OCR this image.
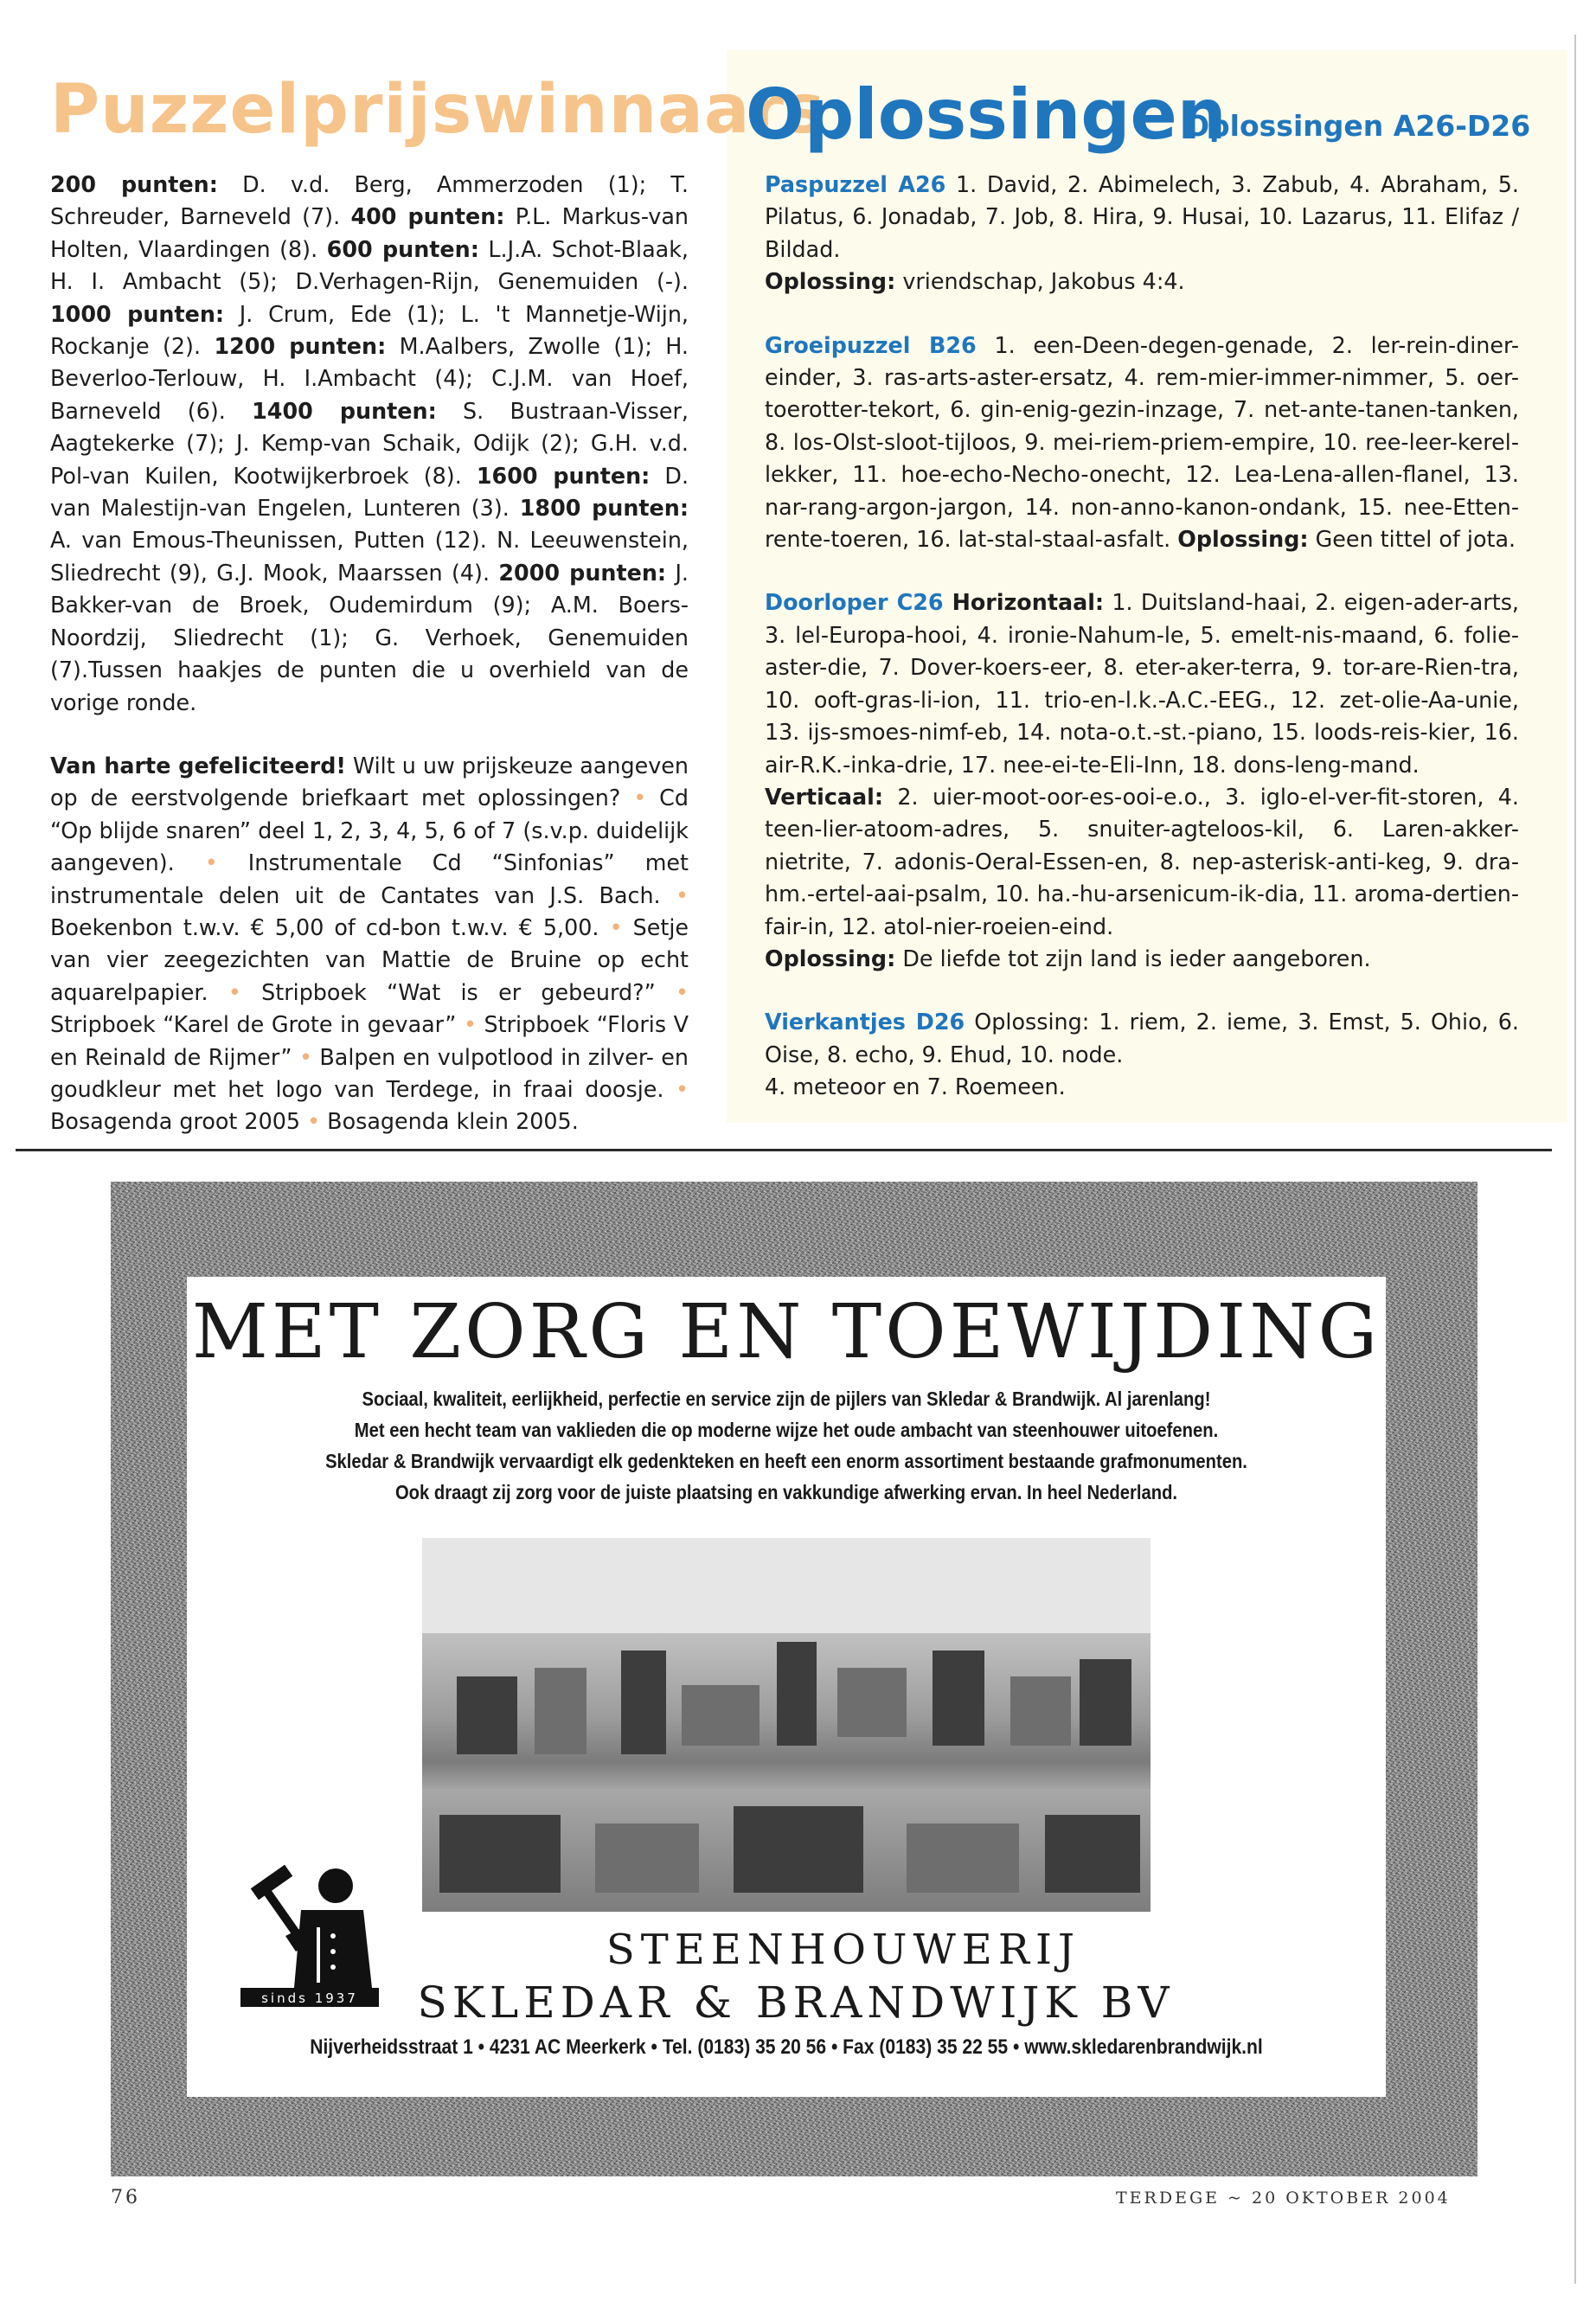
Puzzelprijswinnaars
Oplossingen
Oplossingen A26-D26

200 punten: D. v.d. Berg, Ammerzoden (1); T. Schreuder, Barneveld (7). 400 punten: P.L. Markus-van Holten, Vlaardingen (8). 600 punten: L.J.A. Schot-Blaak, H. I. Ambacht (5); D.Verhagen-Rijn, Genemuiden (-). 1000 punten: J. Crum, Ede (1); L. 't Mannetje-Wijn, Rockanje (2). 1200 punten: M.Aalbers, Zwolle (1); H. Beverloo-Terlouw, H. I.Ambacht (4); C.J.M. van Hoef, Barneveld (6). 1400 punten: S. Bustraan-Visser, Aagtekerke (7); J. Kemp-van Schaik, Odijk (2); G.H. v.d. Pol-van Kuilen, Kootwijkerbroek (8). 1600 punten: D. van Malestijn-van Engelen, Lunteren (3). 1800 punten: A. van Emous-Theunissen, Putten (12). N. Leeuwenstein, Sliedrecht (9), G.J. Mook, Maarssen (4). 2000 punten: J. Bakker-van de Broek, Oudemirdum (9); A.M. Boers-Noordzij, Sliedrecht (1); G. Verhoek, Genemuiden (7).Tussen haakjes de punten die u overhield van de vorige ronde.

Van harte gefeliciteerd! Wilt u uw prijskeuze aangeven op de eerstvolgende briefkaart met oplossingen? • Cd “Op blijde snaren” deel 1, 2, 3, 4, 5, 6 of 7 (s.v.p. duidelijk aangeven). • Instrumentale Cd “Sinfonias” met instrumentale delen uit de Cantates van J.S. Bach. • Boekenbon t.w.v. € 5,00 of cd-bon t.w.v. € 5,00. • Setje van vier zeegezichten van Mattie de Bruine op echt aquarelpapier. • Stripboek “Wat is er gebeurd?” • Stripboek “Karel de Grote in gevaar” • Stripboek “Floris V en Reinald de Rijmer” • Balpen en vulpotlood in zilver- en goudkleur met het logo van Terdege, in fraai doosje. • Bosagenda groot 2005 • Bosagenda klein 2005.

Paspuzzel A26 1. David, 2. Abimelech, 3. Zabub, 4. Abraham, 5. Pilatus, 6. Jonadab, 7. Job, 8. Hira, 9. Husai, 10. Lazarus, 11. Elifaz / Bildad.

Oplossing: vriendschap, Jakobus 4:4.

Groeipuzzel B26 1. een-Deen-degen-genade, 2. ler-rein-diner-einder, 3. ras-arts-aster-ersatz, 4. rem-mier-immer-nimmer, 5. oer-toerotter-tekort, 6. gin-enig-gezin-inzage, 7. net-ante-tanen-tanken, 8. los-Olst-sloot-tijloos, 9. mei-riem-priem-empire, 10. ree-leer-kerel-lekker, 11. hoe-echo-Necho-onecht, 12. Lea-Lena-allen-flanel, 13. nar-rang-argon-jargon, 14. non-anno-kanon-ondank, 15. nee-Etten-rente-toeren, 16. lat-stal-staal-asfalt. Oplossing: Geen tittel of jota.

Doorloper C26 Horizontaal: 1. Duitsland-haai, 2. eigen-ader-arts, 3. lel-Europa-hooi, 4. ironie-Nahum-le, 5. emelt-nis-maand, 6. folie-aster-die, 7. Dover-koers-eer, 8. eter-aker-terra, 9. tor-are-Rien-tra, 10. ooft-gras-li-ion, 11. trio-en-l.k.-A.C.-EEG., 12. zet-olie-Aa-unie, 13. ijs-smoes-nimf-eb, 14. nota-o.t.-st.-piano, 15. loods-reis-kier, 16. air-R.K.-inka-drie, 17. nee-ei-te-Eli-Inn, 18. dons-leng-mand.

Verticaal: 2. uier-moot-oor-es-ooi-e.o., 3. iglo-el-ver-fit-storen, 4. teen-lier-atoom-adres, 5. snuiter-agteloos-kil, 6. Laren-akker-nietrite, 7. adonis-Oeral-Essen-en, 8. nep-asterisk-anti-keg, 9. dra-hm.-ertel-aai-psalm, 10. ha.-hu-arsenicum-ik-dia, 11. aroma-dertien-fair-in, 12. atol-nier-roeien-eind.

Oplossing: De liefde tot zijn land is ieder aangeboren.

Vierkantjes D26 Oplossing: 1. riem, 2. ieme, 3. Emst, 5. Ohio, 6. Oise, 8. echo, 9. Ehud, 10. node.

4. meteoor en 7. Roemeen.

MET ZORG EN TOEWIJDING
Sociaal, kwaliteit, eerlijkheid, perfectie en service zijn de pijlers van Skledar & Brandwijk. Al jarenlang!
Met een hecht team van vaklieden die op moderne wijze het oude ambacht van steenhouwer uitoefenen.
Skledar & Brandwijk vervaardigt elk gedenkteken en heeft een enorm assortiment bestaande grafmonumenten.
Ook draagt zij zorg voor de juiste plaatsing en vakkundige afwerking ervan. In heel Nederland.
sinds 1937
STEENHOUWERIJ
SKLEDAR & BRANDWIJK BV
Nijverheidsstraat 1 • 4231 AC Meerkerk • Tel. (0183) 35 20 56 • Fax (0183) 35 22 55 • www.skledarenbrandwijk.nl
76	TERDEGE ~ 20 OKTOBER 2004
